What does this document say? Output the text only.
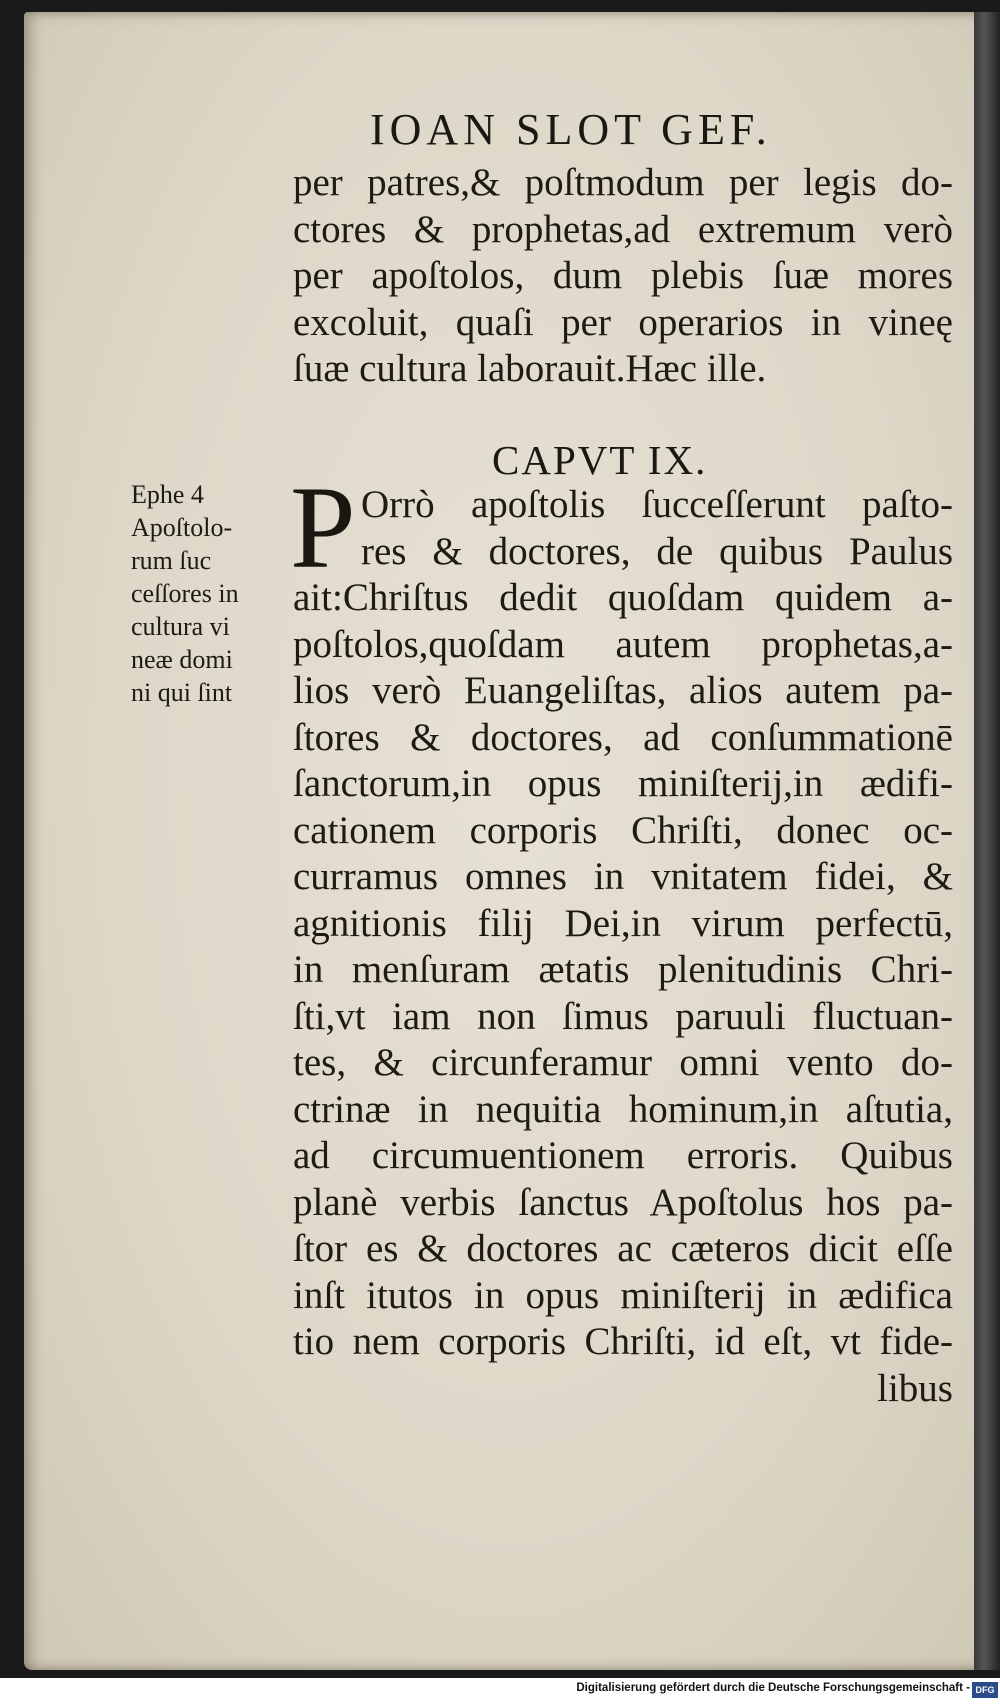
IOAN SLOT GEF.
per patres,& poſtmodum per legis do-
ctores & prophetas,ad extremum verò
per apoſtolos, dum plebis ſuæ mores
excoluit, quaſi per operarios in vineę
ſuæ cultura laborauit.Hæc ille.
CAPVT IX.
P Orrò apoſtolis ſucceſſerunt paſto-
res & doctores, de quibus Paulus
ait:Chriſtus dedit quoſdam quidem a-
poſtolos,quoſdam autem prophetas,a-
lios verò Euangeliſtas, alios autem pa-
ſtores & doctores, ad conſummationē
ſanctorum,in opus miniſterij,in ædifi-
cationem corporis Chriſti, donec oc-
curramus omnes in vnitatem fidei, &
agnitionis filij Dei,in virum perfectū,
in menſuram ætatis plenitudinis Chri-
ſti,vt iam non ſimus paruuli fluctuan-
tes, & circunferamur omni vento do-
ctrinæ in nequitia hominum,in aſtutia,
ad circumuentionem erroris. Quibus
planè verbis ſanctus Apoſtolus hos pa-
ſtor es & doctores ac cæteros dicit eſſe
inſt itutos in opus miniſterij in ædifica
tio nem corporis Chriſti, id eſt, vt fide-
libus
Ephe 4
Apoſtolo-
rum ſuc
ceſſores in
cultura vi
neæ domi
ni qui ſint
Digitalisierung gefördert durch die Deutsche Forschungsgemeinschaft - DFG
